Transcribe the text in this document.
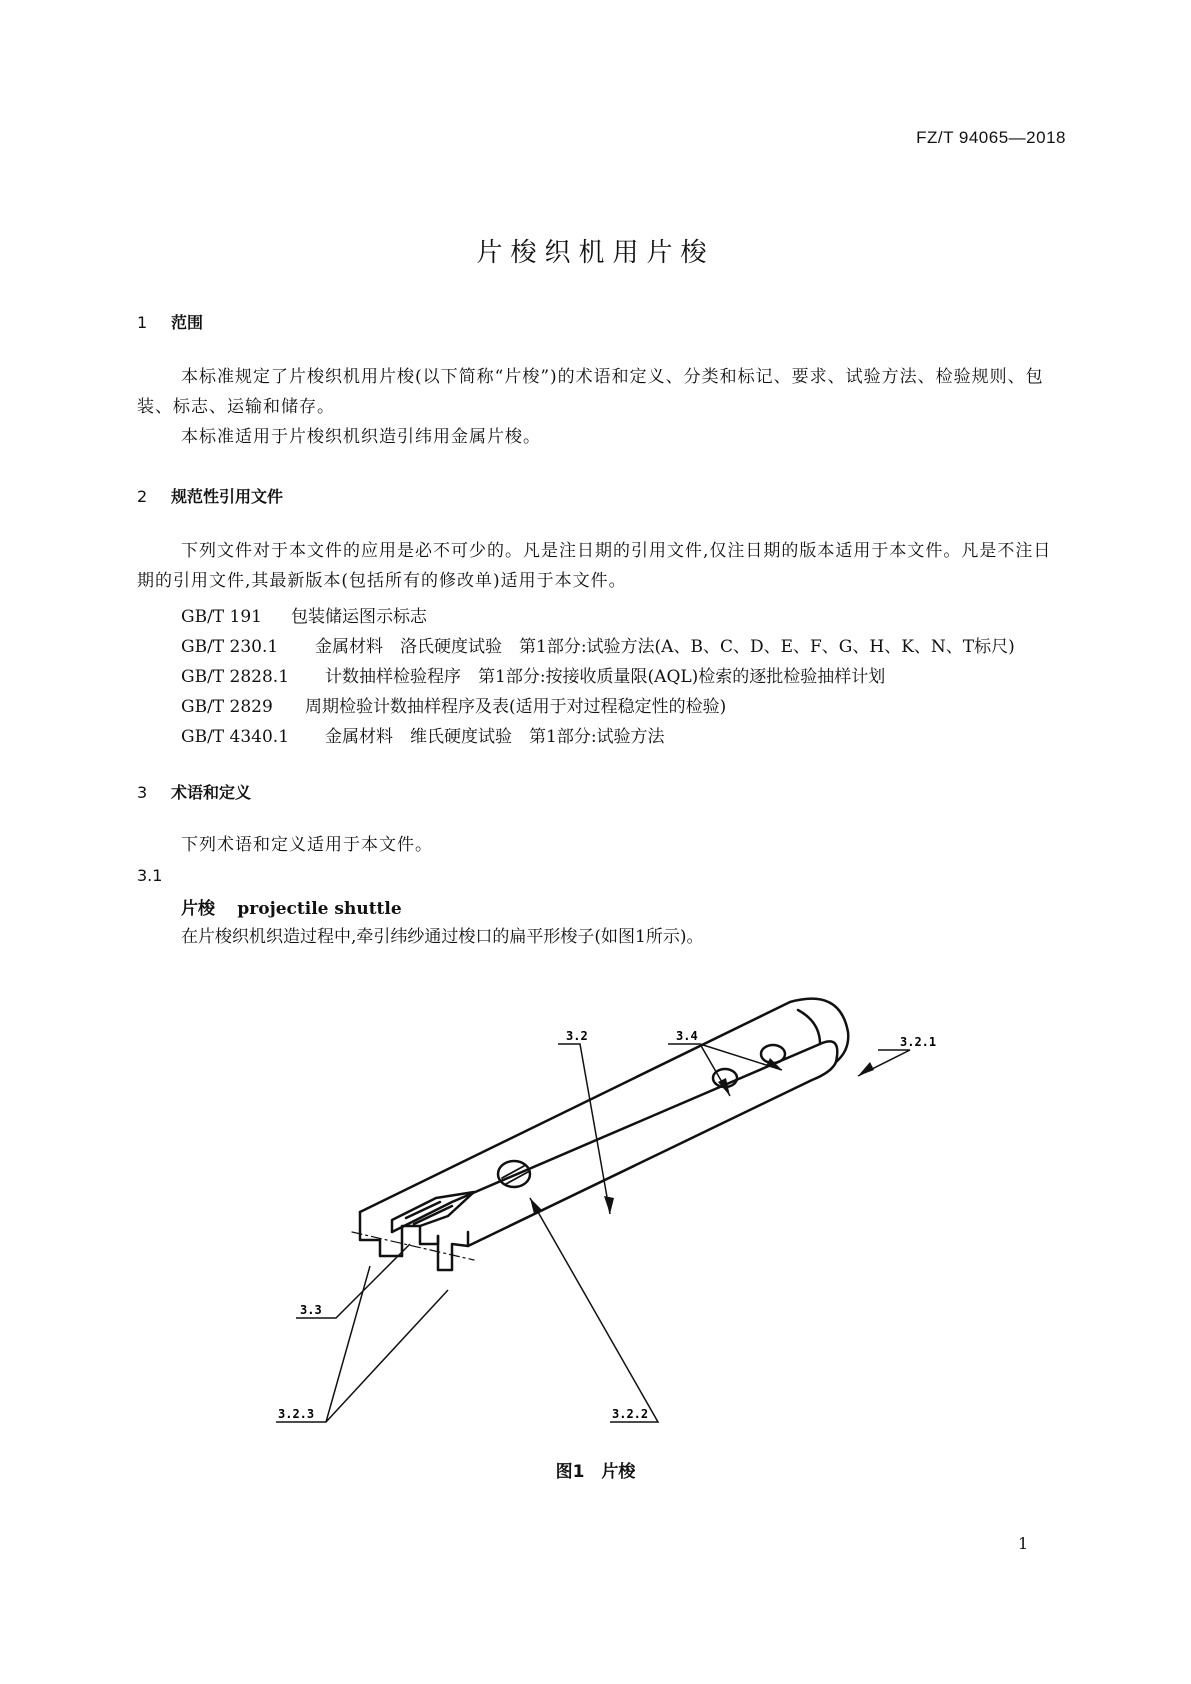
FZ/T 94065—2018
片梭织机用片梭
1 范围
本标准规定了片梭织机用片梭(以下简称“片梭”)的术语和定义、分类和标记、要求、试验方法、检验规则、包装、标志、运输和储存。
本标准适用于片梭织机织造引纬用金属片梭。
2 规范性引用文件
下列文件对于本文件的应用是必不可少的。凡是注日期的引用文件,仅注日期的版本适用于本文件。凡是不注日期的引用文件,其最新版本(包括所有的修改单)适用于本文件。
GB/T 191 包装储运图示标志
GB/T 230.1 金属材料　洛氏硬度试验　第1部分:试验方法(A、B、C、D、E、F、G、H、K、N、T标尺)
GB/T 2828.1 计数抽样检验程序　第1部分:按接收质量限(AQL)检索的逐批检验抽样计划
GB/T 2829 周期检验计数抽样程序及表(适用于对过程稳定性的检验)
GB/T 4340.1 金属材料　维氏硬度试验　第1部分:试验方法
3 术语和定义
下列术语和定义适用于本文件。
3.1
片梭　 projectile shuttle
在片梭织机织造过程中,牵引纬纱通过梭口的扁平形梭子(如图1所示)。
3.2	3.4	3.2.1
3.3
3.2.3	3.2.2
图1　片梭
1
